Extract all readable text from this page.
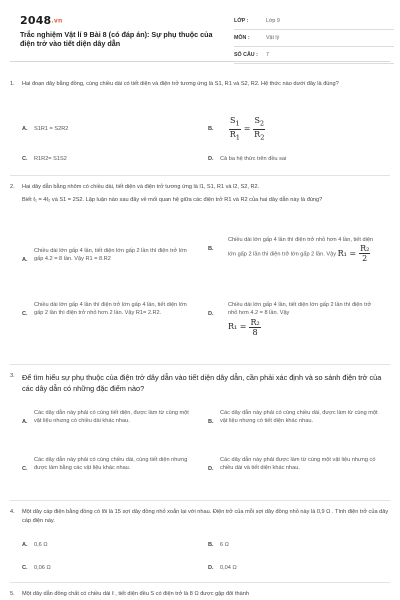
2048.vn
Trắc nghiệm Vật lí 9 Bài 8 (có đáp án): Sự phụ thuộc của điện trở vào tiết diện dây dẫn
LỚP :	Lớp 9
MÔN :	Vật lý
SỐ CÂU :	7
1.	Hai đoạn dây bằng đồng, cùng chiều dài có tiết diện và điện trở tương ứng là S1, R1 và S2, R2. Hệ thức nào dưới đây là đúng?
A. S1R1 = S2R2	B. $\frac{S_1}{R_1} = \frac{S_2}{R_2}$
C. R1R2= S1S2	D. Cả ba hệ thức trên đều sai
2.	Hai dây dẫn bằng nhôm có chiều dài, tiết diện và điện trở tương ứng là l1, S1, R1 và l2, S2, R2.
Biết ℓ₁ = 4ℓ₂ và S1 = 2S2. Lập luận nào sau đây về mối quan hệ giữa các điện trở R1 và R2 của hai dây dẫn này là đúng?
A.
Chiều dài lớn gấp 4 lần, tiết diện lớn gấp 2 lần thì điện trở lớn gấp 4.2 = 8 lần. Vậy R1 = 8.R2
B.
Chiều dài lớn gấp 4 lần thì điện trở nhỏ hơn 4 lần, tiết diện lớn gấp 2 lần thì điện trở lớn gấp 2 lần. Vậy $R_1 = \frac{\text{R₂}}{2}$
C.
Chiều dài lớn gấp 4 lần thì điện trở lớn gấp 4 lần, tiết diện lớn gấp 2 lần thì điện trở nhỏ hơn 2 lần. Vậy R1= 2.R2.	D.
Chiều dài lớn gấp 4 lần, tiết diện lớn gấp 2 lần thì điện trở nhỏ hơn 4.2 = 8 lần. Vậy
$R_1 = \frac{\text{R₂}}{8}$
3.	Để tìm hiểu sự phụ thuộc của điện trở dây dẫn vào tiết diện dây dẫn, cần phải xác định và so sánh điện trở của các dây dẫn có những đặc điểm nào?
A.
Các dây dẫn này phải có cùng tiết diện, được làm từ cùng một vật liệu nhưng có chiều dài khác nhau.	B.
Các dây dẫn này phải có cùng chiều dài, được làm từ cùng một vật liệu nhưng có tiết diện khác nhau.
C.
Các dây dẫn này phải có cùng chiều dài, cùng tiết diện nhưng được làm bằng các vật liệu khác nhau.	D.
Các dây dẫn này phải được làm từ cùng một vật liệu nhưng có chiều dài và tiết diện khác nhau.
4.	Một dây cáp điện bằng đồng có lõi là 15 sợi dây đồng nhỏ xoắn lại với nhau. Điện trở của mỗi sợi dây đồng nhỏ này là 0,9 Ω . Tính điện trở của dây cáp điện này.
A. 0,6 Ω	B. 6 Ω
C. 0,06 Ω	D. 0,04 Ω
5.	Một dây dẫn đồng chất có chiều dài ℓ , tiết diện đều S có điện trở là 8 Ω được gập đôi thành
